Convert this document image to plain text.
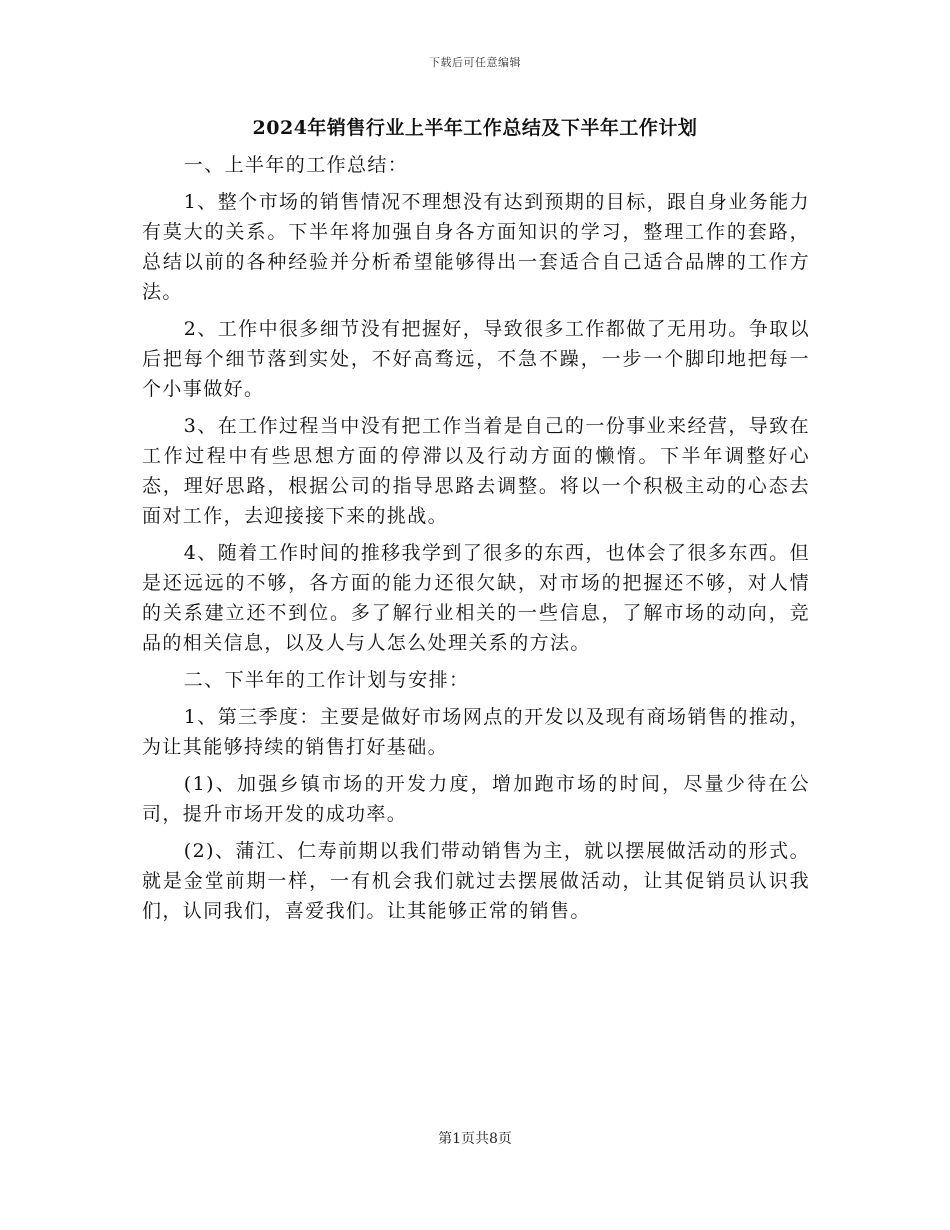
下载后可任意编辑
2024年销售行业上半年工作总结及下半年工作计划

一、上半年的工作总结：

1、整个市场的销售情况不理想没有达到预期的目标，跟自身业务能力有莫大的关系。下半年将加强自身各方面知识的学习，整理工作的套路，总结以前的各种经验并分析希望能够得出一套适合自己适合品牌的工作方法。

2、工作中很多细节没有把握好，导致很多工作都做了无用功。争取以后把每个细节落到实处，不好高骛远，不急不躁，一步一个脚印地把每一个小事做好。

3、在工作过程当中没有把工作当着是自己的一份事业来经营，导致在工作过程中有些思想方面的停滞以及行动方面的懒惰。下半年调整好心态，理好思路，根据公司的指导思路去调整。将以一个积极主动的心态去面对工作，去迎接接下来的挑战。

4、随着工作时间的推移我学到了很多的东西，也体会了很多东西。但是还远远的不够，各方面的能力还很欠缺，对市场的把握还不够，对人情的关系建立还不到位。多了解行业相关的一些信息，了解市场的动向，竞品的相关信息，以及人与人怎么处理关系的方法。

二、下半年的工作计划与安排：

1、第三季度：主要是做好市场网点的开发以及现有商场销售的推动，为让其能够持续的销售打好基础。

(1)、加强乡镇市场的开发力度，增加跑市场的时间，尽量少待在公司，提升市场开发的成功率。

(2)、蒲江、仁寿前期以我们带动销售为主，就以摆展做活动的形式。就是金堂前期一样，一有机会我们就过去摆展做活动，让其促销员认识我们，认同我们，喜爱我们。让其能够正常的销售。

第1页共8页
